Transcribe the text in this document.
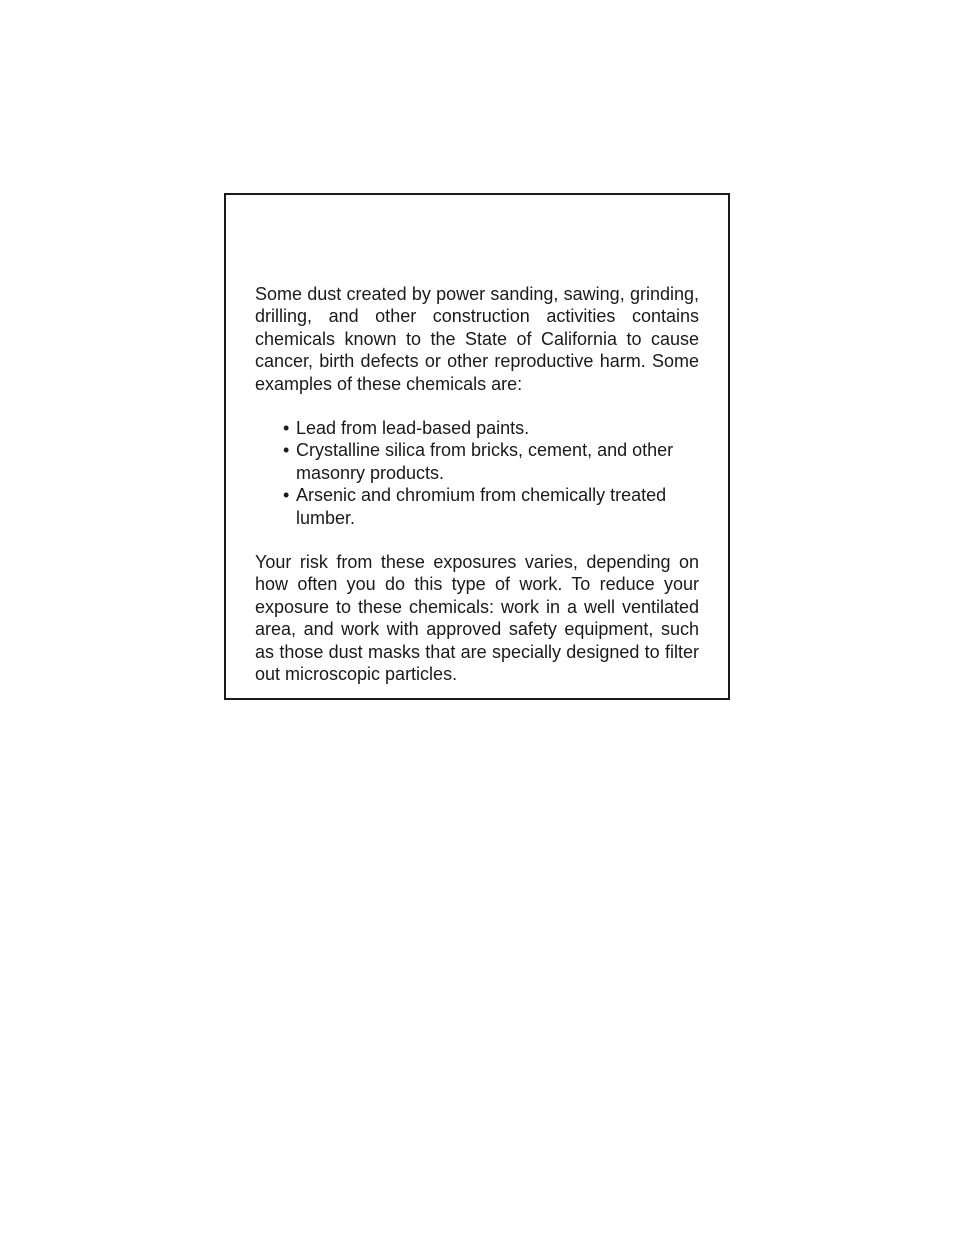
Some dust created by power sanding, sawing, grinding, drilling, and other construction activities contains chemicals known to the State of California to cause cancer, birth defects or other reproductive harm. Some examples of these chemicals are:

• Lead from lead-based paints.
• Crystalline silica from bricks, cement, and other masonry products.
• Arsenic and chromium from chemically treated lumber.

Your risk from these exposures varies, depending on how often you do this type of work. To reduce your exposure to these chemicals: work in a well ventilated area, and work with approved safety equipment, such as those dust masks that are specially designed to filter out microscopic particles.
